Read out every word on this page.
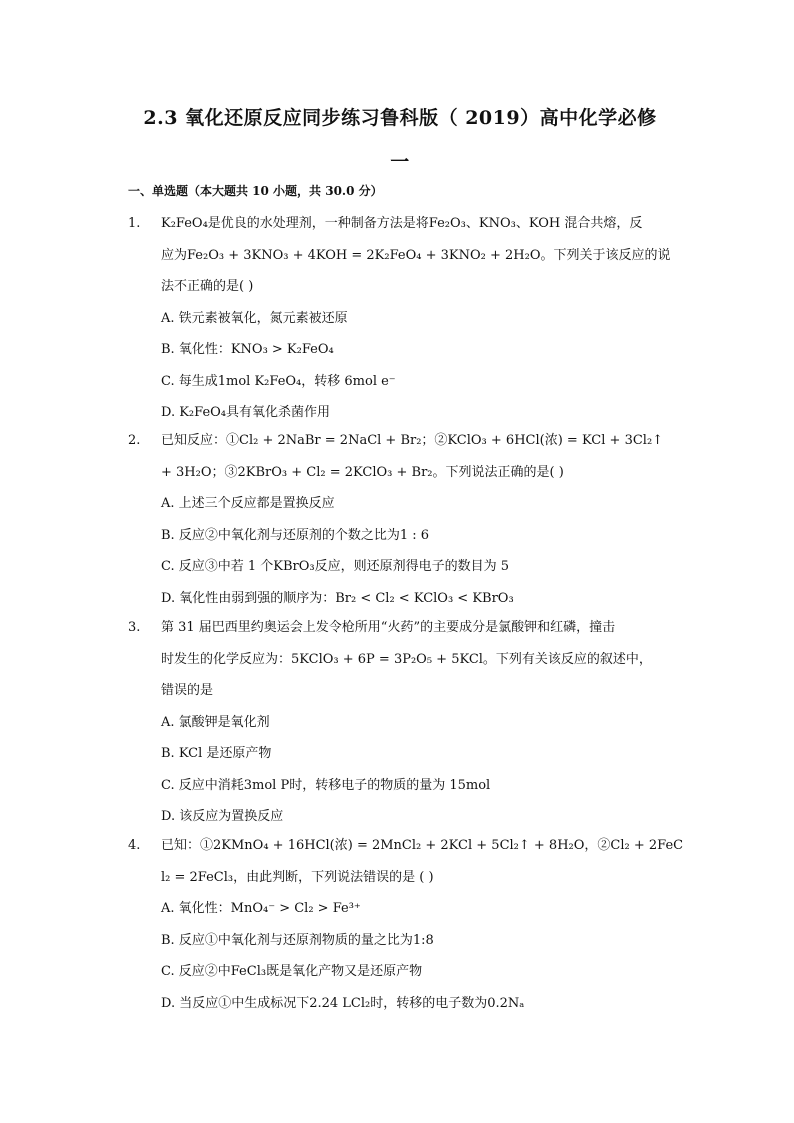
2.3 氧化还原反应同步练习鲁科版（ 2019）高中化学必修
一
一、单选题（本大题共 10 小题，共 30.0 分）
1. K₂FeO₄是优良的水处理剂，一种制备方法是将Fe₂O₃、KNO₃、KOH 混合共熔，反
应为Fe₂O₃ + 3KNO₃ + 4KOH = 2K₂FeO₄ + 3KNO₂ + 2H₂O。下列关于该反应的说
法不正确的是( )
A. 铁元素被氧化，氮元素被还原
B. 氧化性：KNO₃ > K₂FeO₄
C. 每生成1mol K₂FeO₄，转移 6mol e⁻
D. K₂FeO₄具有氧化杀菌作用
2. 已知反应：①Cl₂ + 2NaBr = 2NaCl + Br₂；②KClO₃ + 6HCl(浓) = KCl + 3Cl₂↑
+ 3H₂O；③2KBrO₃ + Cl₂ = 2KClO₃ + Br₂。下列说法正确的是( )
A. 上述三个反应都是置换反应
B. 反应②中氧化剂与还原剂的个数之比为1 : 6
C. 反应③中若 1 个KBrO₃反应，则还原剂得电子的数目为 5
D. 氧化性由弱到强的顺序为：Br₂ < Cl₂ < KClO₃ < KBrO₃
3. 第 31 届巴西里约奥运会上发令枪所用“火药”的主要成分是氯酸钾和红磷，撞击
时发生的化学反应为：5KClO₃ + 6P = 3P₂O₅ + 5KCl。下列有关该反应的叙述中，
错误的是
A. 氯酸钾是氧化剂
B. KCl 是还原产物
C. 反应中消耗3mol P时，转移电子的物质的量为 15mol
D. 该反应为置换反应
4. 已知：①2KMnO₄ + 16HCl(浓) = 2MnCl₂ + 2KCl + 5Cl₂↑ + 8H₂O，②Cl₂ + 2FeC
l₂ = 2FeCl₃，由此判断，下列说法错误的是 ( )
A. 氧化性：MnO₄⁻ > Cl₂ > Fe³⁺
B. 反应①中氧化剂与还原剂物质的量之比为1:8
C. 反应②中FeCl₃既是氧化产物又是还原产物
D. 当反应①中生成标况下2.24 LCl₂时，转移的电子数为0.2Nₐ
